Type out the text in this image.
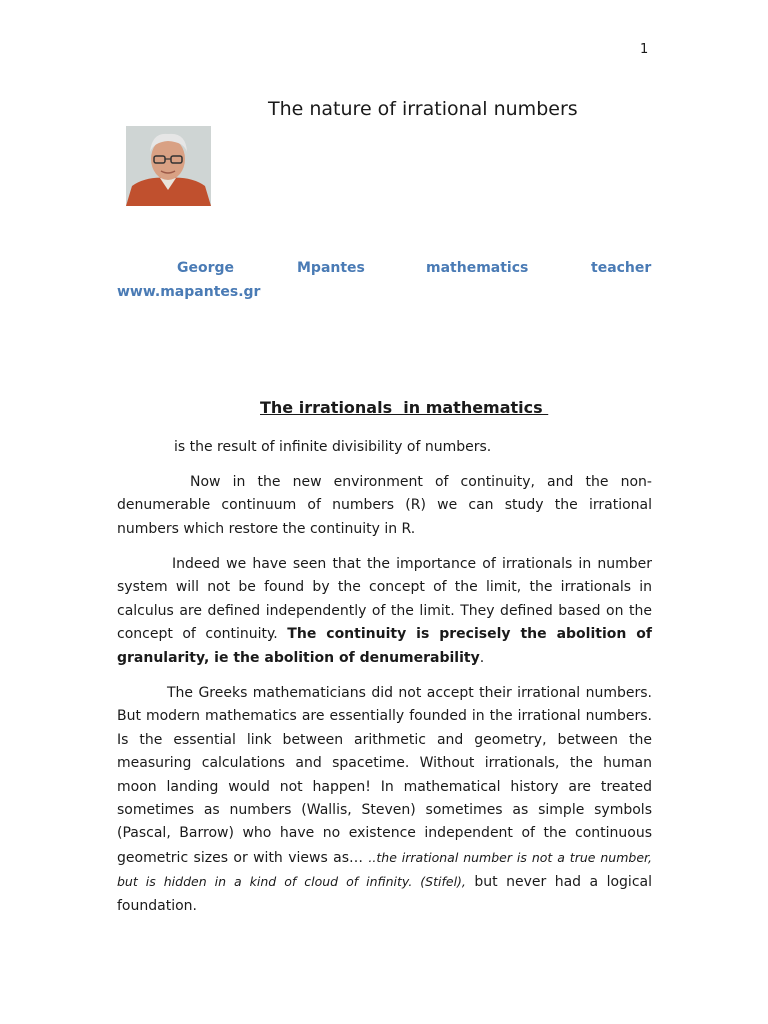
1
The nature of irrational numbers
George	Mpantes	mathematics	teacher
www.mapantes.gr
The irrationals  in mathematics

is the result of infinite divisibility of numbers.

Now in the new environment of continuity, and the non-denumerable continuum of numbers (R) we can study the irrational numbers which restore the continuity in R.

Indeed we have seen that the importance of irrationals in number system will not be found by the concept of the limit, the irrationals in calculus are defined independently of the limit. They defined based on the concept of continuity. The continuity is precisely the abolition of granularity, ie the abolition of denumerability.

The Greeks mathematicians did not accept their irrational numbers. But modern mathematics are essentially founded in the irrational numbers. Is the essential link between arithmetic and geometry, between the measuring calculations and spacetime. Without irrationals, the human moon landing would not happen! In mathematical history are treated sometimes as numbers (Wallis, Steven) sometimes as simple symbols (Pascal, Barrow) who have no existence independent of the continuous geometric sizes or with views as… ..the irrational number is not a true number, but is hidden in a kind of cloud of infinity. (Stifel), but never had a logical foundation.
